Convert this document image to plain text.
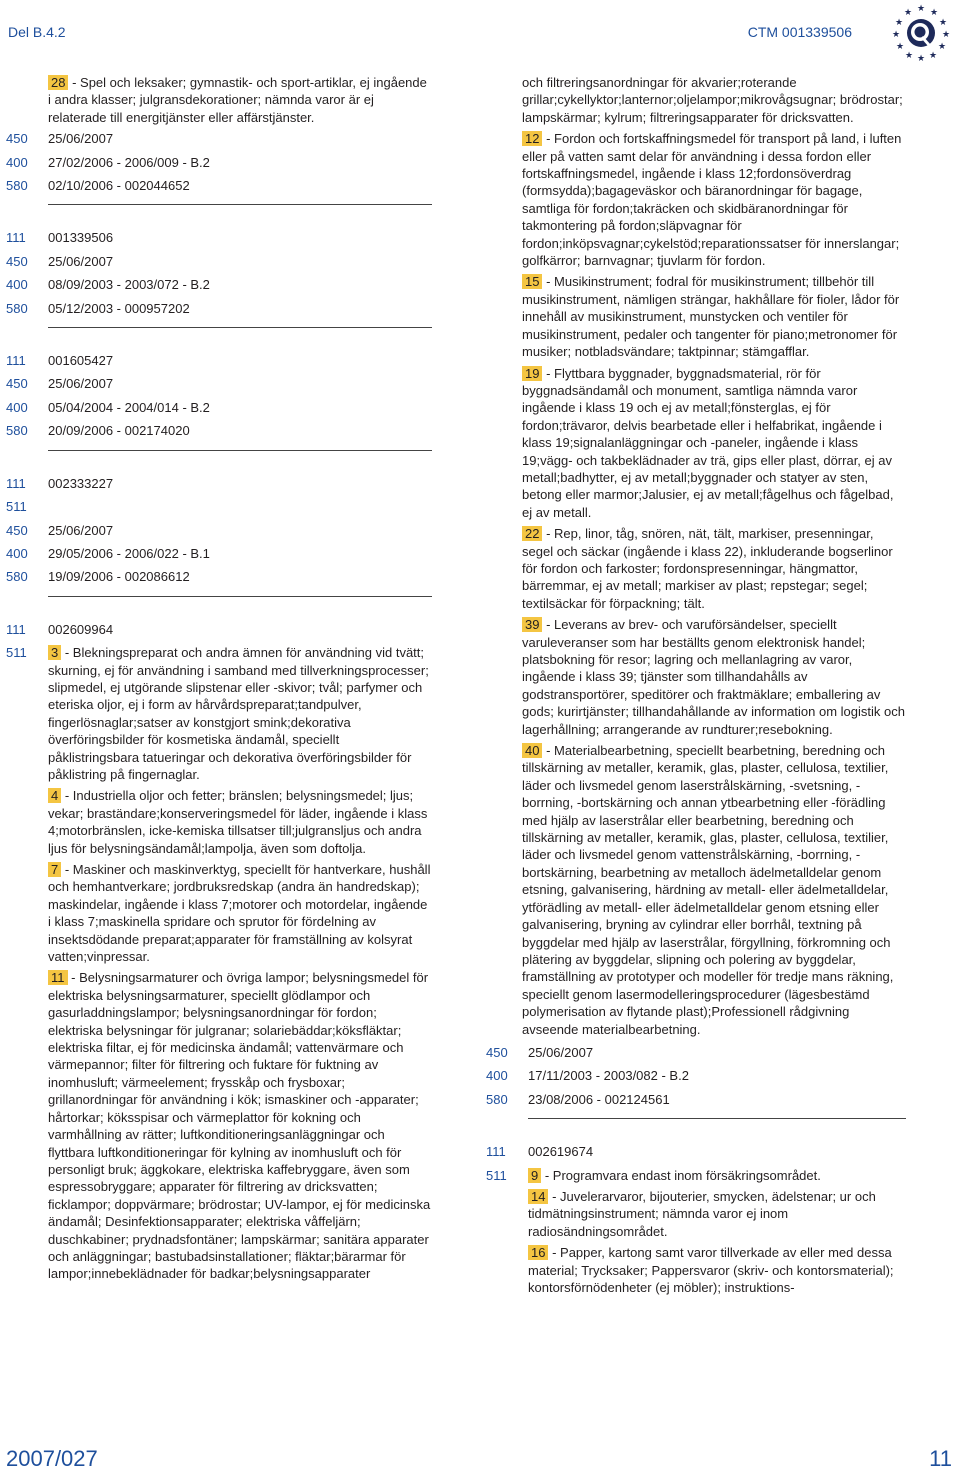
Del B.4.2	CTM 001339506
★ ★
★
★
★
★
★
★
★
★
★
★
28 - Spel och leksaker; gymnastik- och sport-artiklar, ej ingående i andra klasser; julgransdekorationer; nämnda varor är ej relaterade till energitjänster eller affärstjänster.
450	25/06/2007
400	27/02/2006 - 2006/009 - B.2
580	02/10/2006 - 002044652
111	001339506
450	25/06/2007
400	08/09/2003 - 2003/072 - B.2
580	05/12/2003 - 000957202
111	001605427
450	25/06/2007
400	05/04/2004 - 2004/014 - B.2
580	20/09/2006 - 002174020
111	002333227
511
450	25/06/2007
400	29/05/2006 - 2006/022 - B.1
580	19/09/2006 - 002086612
111	002609964
511	3 - Blekningspreparat och andra ämnen för användning vid tvätt; skurning, ej för användning i samband med tillverkningsprocesser; slipmedel, ej utgörande slipstenar eller -skivor; tvål; parfymer och eteriska oljor, ej i form av hårvårdspreparat;tandpulver, fingerlösnaglar;satser av konstgjort smink;dekorativa överföringsbilder för kosmetiska ändamål, speciellt påklistringsbara tatueringar och dekorativa överföringsbilder för påklistring på fingernaglar.
4 - Industriella oljor och fetter; bränslen; belysningsmedel; ljus; vekar; braständare;konserveringsmedel för läder, ingående i klass 4;motorbränslen, icke-kemiska tillsatser till;julgransljus och andra ljus för belysningsändamål;lampolja, även som doftolja.
7 - Maskiner och maskinverktyg, speciellt för hantverkare, hushåll och hemhantverkare; jordbruksredskap (andra än handredskap); maskindelar, ingående i klass 7;motorer och motordelar, ingående i klass 7;maskinella spridare och sprutor för fördelning av insektsdödande preparat;apparater för framställning av kolsyrat vatten;vinpressar.
11 - Belysningsarmaturer och övriga lampor; belysningsmedel för elektriska belysningsarmaturer, speciellt glödlampor och gasurladdningslampor; belysningsanordningar för fordon; elektriska belysningar för julgranar; solariebäddar;köksfläktar; elektriska filtar, ej för medicinska ändamål; vattenvärmare och värmepannor; filter för filtrering och fuktare för fuktning av inomhusluft; värmeelement; frysskåp och frysboxar; grillanordningar för användning i kök; ismaskiner och -apparater; hårtorkar; köksspisar och värmeplattor för kokning och varmhållning av rätter; luftkonditioneringsanläggningar och flyttbara luftkonditioneringar för kylning av inomhusluft och för personligt bruk; äggkokare, elektriska kaffebryggare, även som espressobryggare; apparater för filtrering av dricksvatten; ficklampor; doppvärmare; brödrostar; UV-lampor, ej för medicinska ändamål; Desinfektionsapparater; elektriska våffeljärn; duschkabiner; prydnadsfontäner; lampskärmar; sanitära apparater och anläggningar; bastubadsinstallationer; fläktar;bärarmar för lampor;innebeklädnader för badkar;belysningsapparater
och filtreringsanordningar för akvarier;roterande grillar;cykellyktor;lanternor;oljelampor;mikrovågsugnar; brödrostar; lampskärmar; kylrum; filtreringsapparater för dricksvatten.
12 - Fordon och fortskaffningsmedel för transport på land, i luften eller på vatten samt delar för användning i dessa fordon eller fortskaffningsmedel, ingående i klass 12;fordonsöverdrag (formsydda);bagageväskor och bäranordningar för bagage, samtliga för fordon;takräcken och skidbäranordningar för takmontering på fordon;släpvagnar för fordon;inköpsvagnar;cykelstöd;reparationssatser för innerslangar; golfkärror; barnvagnar; tjuvlarm för fordon.
15 - Musikinstrument; fodral för musikinstrument; tillbehör till musikinstrument, nämligen strängar, hakhållare för fioler, lådor för innehåll av musikinstrument, munstycken och ventiler för musikinstrument, pedaler och tangenter för piano;metronomer för musiker; notbladsvändare; taktpinnar; stämgafflar.
19 - Flyttbara byggnader, byggnadsmaterial, rör för byggnadsändamål och monument, samtliga nämnda varor ingående i klass 19 och ej av metall;fönsterglas, ej för fordon;trävaror, delvis bearbetade eller i helfabrikat, ingående i klass 19;signalanläggningar och -paneler, ingående i klass 19;vägg- och takbeklädnader av trä, gips eller plast, dörrar, ej av metall;badhytter, ej av metall;byggnader och statyer av sten, betong eller marmor;Jalusier, ej av metall;fågelhus och fågelbad, ej av metall.
22 - Rep, linor, tåg, snören, nät, tält, markiser, presenningar, segel och säckar (ingående i klass 22), inkluderande bogserlinor för fordon och farkoster; fordonspresenningar, hängmattor, bärremmar, ej av metall; markiser av plast; repstegar; segel; textilsäckar för förpackning; tält.
39 - Leverans av brev- och varuförsändelser, speciellt varuleveranser som har beställts genom elektronisk handel; platsbokning för resor; lagring och mellanlagring av varor, ingående i klass 39; tjänster som tillhandahålls av godstransportörer, speditörer och fraktmäklare; emballering av gods; kurirtjänster; tillhandahållande av information om logistik och lagerhållning; arrangerande av rundturer;resebokning.
40 - Materialbearbetning, speciellt bearbetning, beredning och tillskärning av metaller, keramik, glas, plaster, cellulosa, textilier, läder och livsmedel genom laserstrålskärning, -svetsning, -borrning, -bortskärning och annan ytbearbetning eller -förädling med hjälp av laserstrålar eller bearbetning, beredning och tillskärning av metaller, keramik, glas, plaster, cellulosa, textilier, läder och livsmedel genom vattenstrålskärning, -borrning, -bortskärning, bearbetning av metalloch ädelmetalldelar genom etsning, galvanisering, härdning av metall- eller ädelmetalldelar, ytförädling av metall- eller ädelmetalldelar genom etsning eller galvanisering, bryning av cylindrar eller borrhål, textning på byggdelar med hjälp av laserstrålar, förgyllning, förkromning och plätering av byggdelar, slipning och polering av byggdelar, framställning av prototyper och modeller för tredje mans räkning, speciellt genom lasermodelleringsprocedurer (lägesbestämd polymerisation av flytande plast);Professionell rådgivning avseende materialbearbetning.
450	25/06/2007
400	17/11/2003 - 2003/082 - B.2
580	23/08/2006 - 002124561
111	002619674
511	9 - Programvara endast inom försäkringsområdet.
14 - Juvelerarvaror, bijouterier, smycken, ädelstenar; ur och tidmätningsinstrument; nämnda varor ej inom radiosändningsområdet.
16 - Papper, kartong samt varor tillverkade av eller med dessa material; Trycksaker; Pappersvaror (skriv- och kontorsmaterial); kontorsförnödenheter (ej möbler); instruktions-
2007/027	11
